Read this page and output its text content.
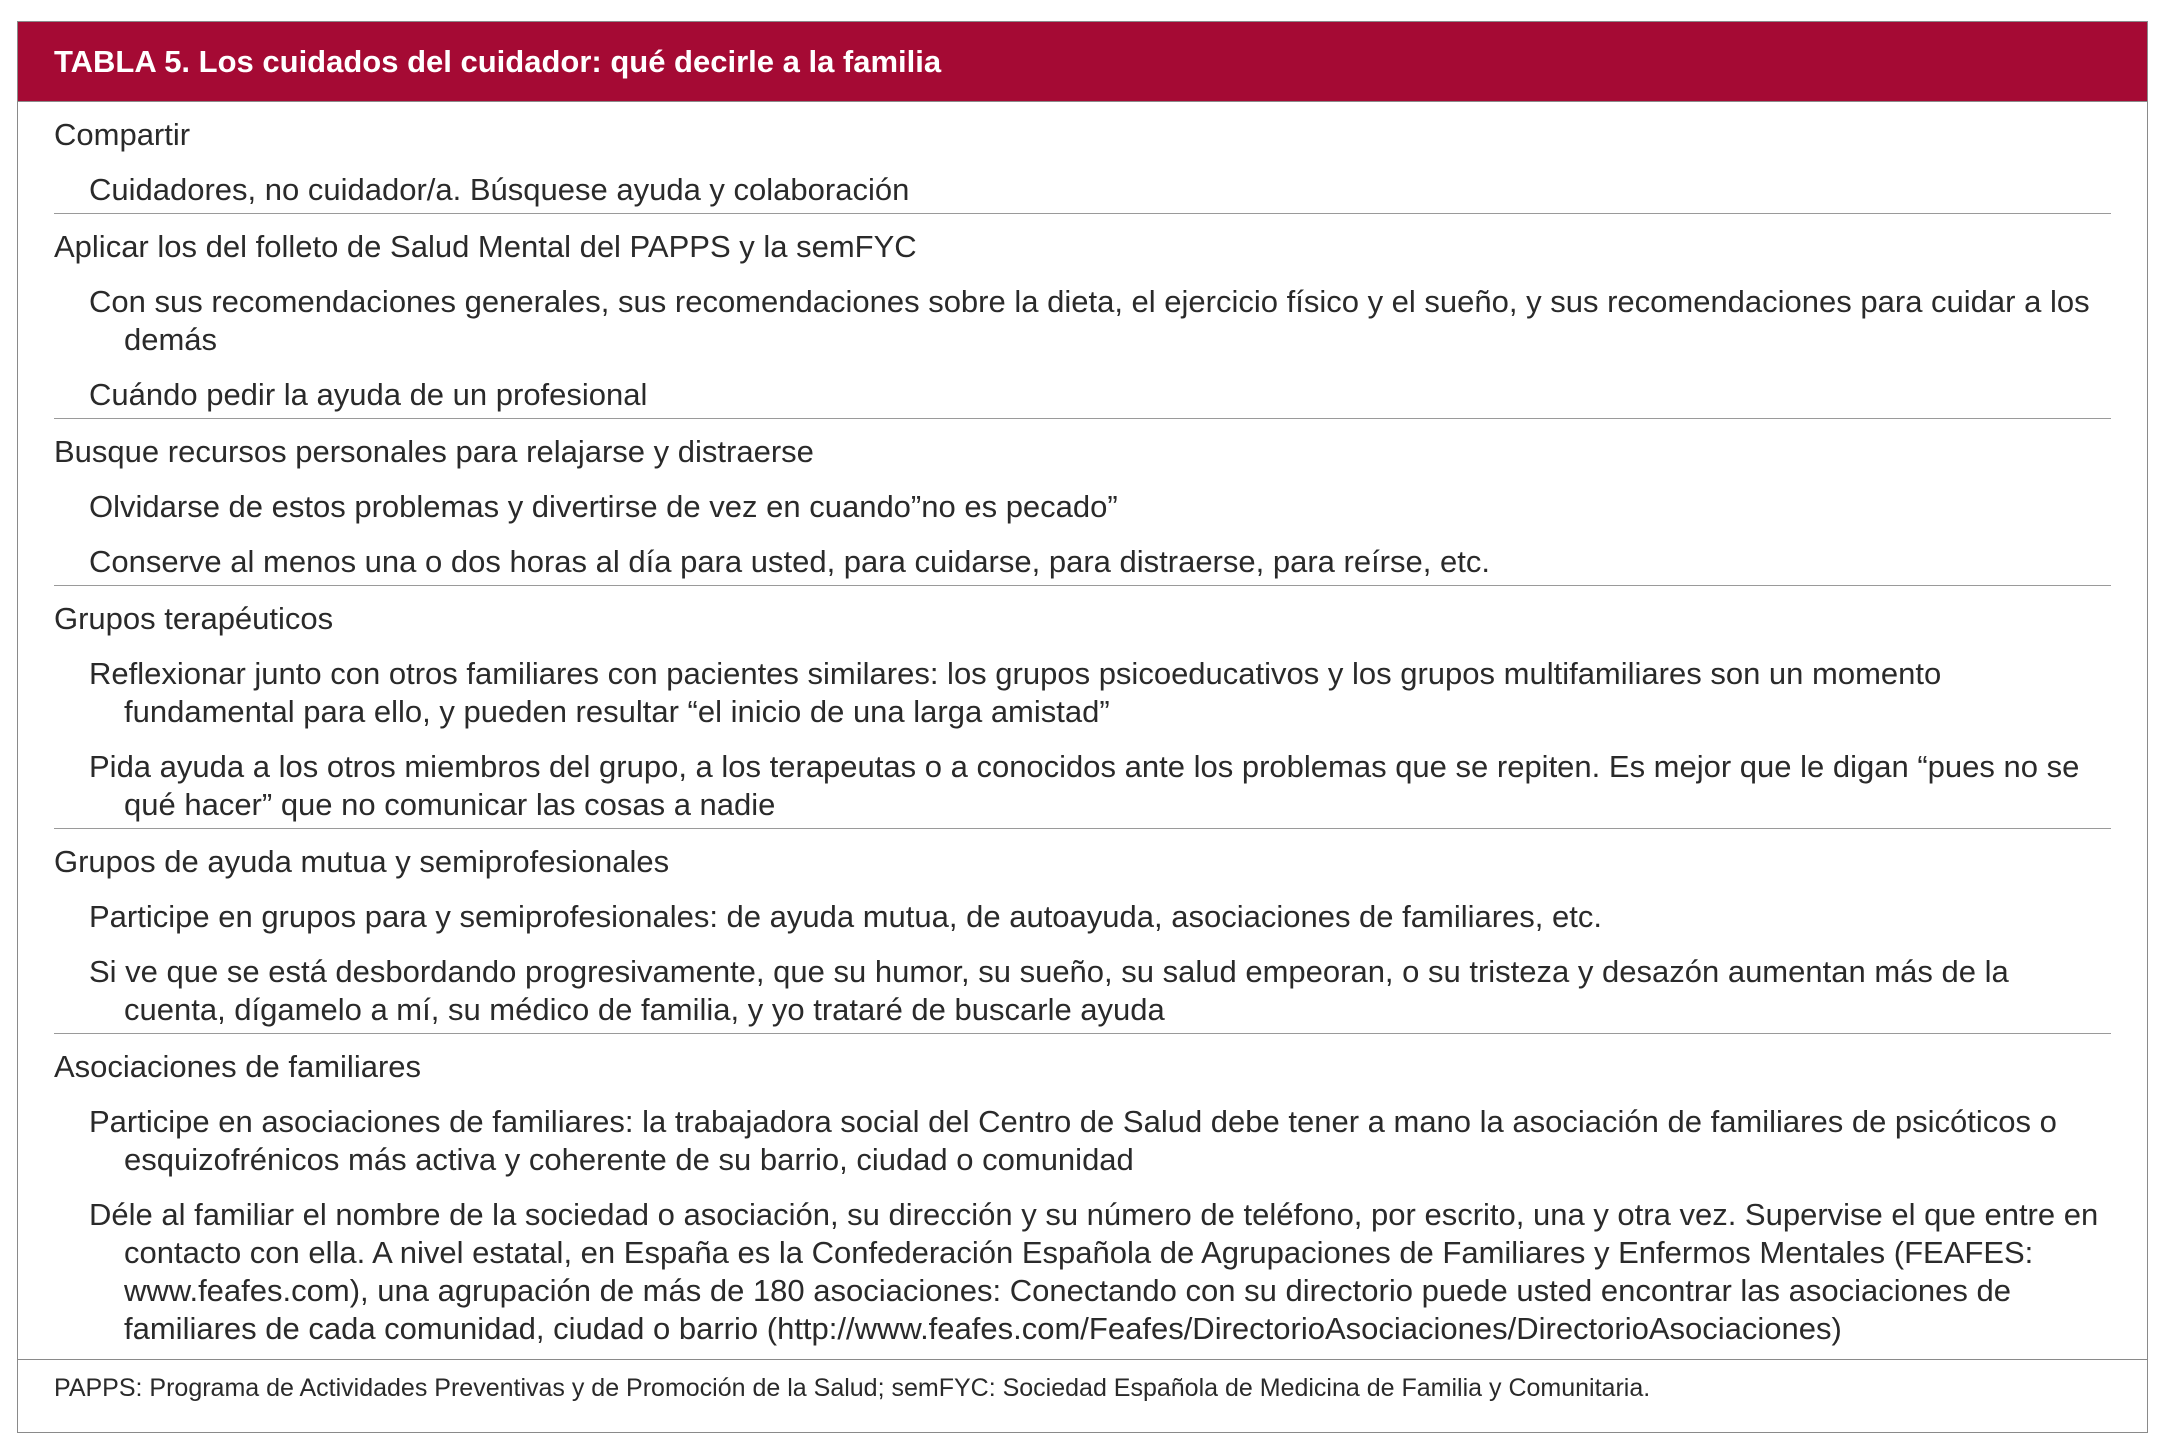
TABLA 5. Los cuidados del cuidador: qué decirle a la familia
Compartir
Cuidadores, no cuidador/a. Búsquese ayuda y colaboración
Aplicar los del folleto de Salud Mental del PAPPS y la semFYC
Con sus recomendaciones generales, sus recomendaciones sobre la dieta, el ejercicio físico y el sueño, y sus recomendaciones para cuidar a los demás
Cuándo pedir la ayuda de un profesional
Busque recursos personales para relajarse y distraerse
Olvidarse de estos problemas y divertirse de vez en cuando”no es pecado”
Conserve al menos una o dos horas al día para usted, para cuidarse, para distraerse, para reírse, etc.
Grupos terapéuticos
Reflexionar junto con otros familiares con pacientes similares: los grupos psicoeducativos y los grupos multifamiliares son un momento fundamental para ello, y pueden resultar “el inicio de una larga amistad”
Pida ayuda a los otros miembros del grupo, a los terapeutas o a conocidos ante los problemas que se repiten. Es mejor que le digan “pues no se qué hacer” que no comunicar las cosas a nadie
Grupos de ayuda mutua y semiprofesionales
Participe en grupos para y semiprofesionales: de ayuda mutua, de autoayuda, asociaciones de familiares, etc.
Si ve que se está desbordando progresivamente, que su humor, su sueño, su salud empeoran, o su tristeza y desazón aumentan más de la cuenta, dígamelo a mí, su médico de familia, y yo trataré de buscarle ayuda
Asociaciones de familiares
Participe en asociaciones de familiares: la trabajadora social del Centro de Salud debe tener a mano la asociación de familiares de psicóticos o esquizofrénicos más activa y coherente de su barrio, ciudad o comunidad
Déle al familiar el nombre de la sociedad o asociación, su dirección y su número de teléfono, por escrito, una y otra vez. Supervise el que entre en contacto con ella. A nivel estatal, en España es la Confederación Española de Agrupaciones de Familiares y Enfermos Mentales (FEAFES: www.feafes.com), una agrupación de más de 180 asociaciones: Conectando con su directorio puede usted encontrar las asociaciones de familiares de cada comunidad, ciudad o barrio (http://www.feafes.com/Feafes/DirectorioAsociaciones/DirectorioAsociaciones)
PAPPS: Programa de Actividades Preventivas y de Promoción de la Salud; semFYC: Sociedad Española de Medicina de Familia y Comunitaria.
